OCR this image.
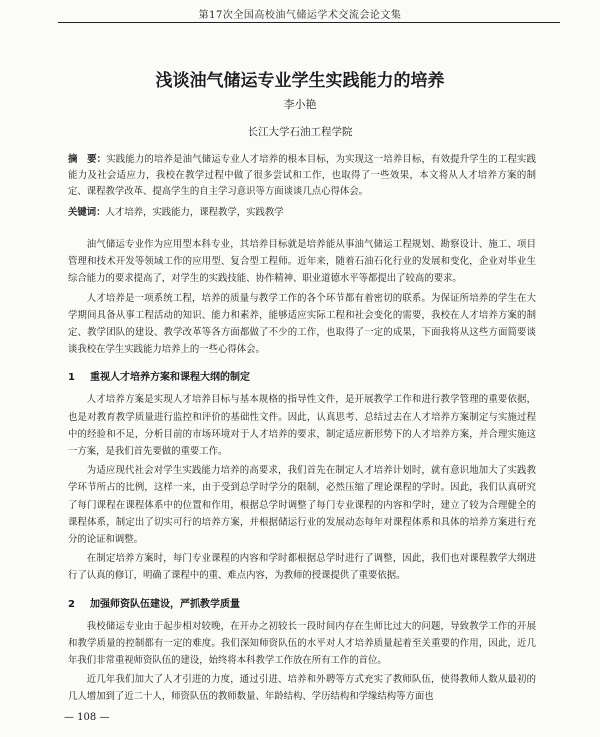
第17次全国高校油气储运学术交流会论文集
浅谈油气储运专业学生实践能力的培养
李小艳
长江大学石油工程学院
摘　要：实践能力的培养是油气储运专业人才培养的根本目标，为实现这一培养目标，有效提升学生的工程实践能力及社会适应力，我校在教学过程中做了很多尝试和工作，也取得了一些效果，本文将从人才培养方案的制定、课程教学改革、提高学生的自主学习意识等方面谈谈几点心得体会。
关键词：人才培养，实践能力，课程教学，实践教学

油气储运专业作为应用型本科专业，其培养目标就是培养能从事油气储运工程规划、勘察设计、施工、项目管理和技术开发等领域工作的应用型、复合型工程师。近年来，随着石油石化行业的发展和变化，企业对毕业生综合能力的要求提高了，对学生的实践技能、协作精神、职业道德水平等都提出了较高的要求。

人才培养是一项系统工程，培养的质量与教学工作的各个环节都有着密切的联系。为保证所培养的学生在大学期间具备从事工程活动的知识、能力和素养，能够适应实际工程和社会变化的需要，我校在人才培养方案的制定、教学团队的建设、教学改革等各方面都做了不少的工作，也取得了一定的成果，下面我将从这些方面简要谈谈我校在学生实践能力培养上的一些心得体会。

1 重视人才培养方案和课程大纲的制定

人才培养方案是实现人才培养目标与基本规格的指导性文件，是开展教学工作和进行教学管理的重要依据，也是对教育教学质量进行监控和评价的基础性文件。因此，认真思考、总结过去在人才培养方案制定与实施过程中的经验和不足，分析目前的市场环境对于人才培养的要求，制定适应新形势下的人才培养方案，并合理实施这一方案，是我们首先要做的重要工作。

为适应现代社会对学生实践能力培养的高要求，我们首先在制定人才培养计划时，就有意识地加大了实践教学环节所占的比例，这样一来，由于受到总学时学分的限制，必然压缩了理论课程的学时。因此，我们认真研究了每门课程在课程体系中的位置和作用，根据总学时调整了每门专业课程的内容和学时，建立了较为合理健全的课程体系，制定出了切实可行的培养方案，并根据储运行业的发展动态每年对课程体系和具体的培养方案进行充分的论证和调整。

在制定培养方案时，每门专业课程的内容和学时都根据总学时进行了调整，因此，我们也对课程教学大纲进行了认真的修订，明确了课程中的重、难点内容，为教师的授课提供了重要依据。

2 加强师资队伍建设，严抓教学质量

我校储运专业由于起步相对较晚，在开办之初较长一段时间内存在生师比过大的问题，导致教学工作的开展和教学质量的控制都有一定的难度。我们深知师资队伍的水平对人才培养质量起着至关重要的作用，因此，近几年我们非常重视师资队伍的建设，始终将本科教学工作放在所有工作的首位。

近几年我们加大了人才引进的力度，通过引进、培养和外聘等方式充实了教师队伍，使得教师人数从最初的几人增加到了近二十人，师资队伍的教师数量、年龄结构、学历结构和学缘结构等方面也

— 108 —
